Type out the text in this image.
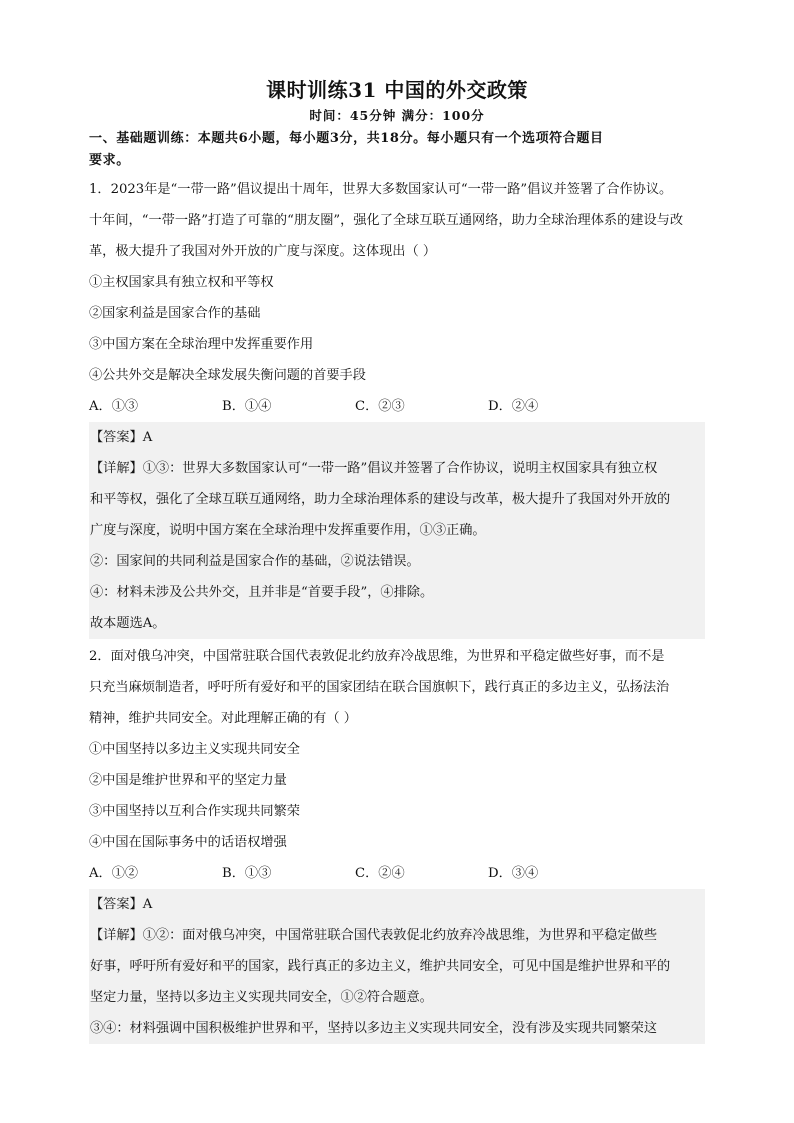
课时训练31 中国的外交政策
时间：45分钟 满分：100分
一、基础题训练：本题共6小题，每小题3分，共18分。每小题只有一个选项符合题目
要求。
1．2023年是“一带一路”倡议提出十周年，世界大多数国家认可“一带一路”倡议并签署了合作协议。
十年间，“一带一路”打造了可靠的“朋友圈”，强化了全球互联互通网络，助力全球治理体系的建设与改
革，极大提升了我国对外开放的广度与深度。这体现出（ ）
①主权国家具有独立权和平等权
②国家利益是国家合作的基础
③中国方案在全球治理中发挥重要作用
④公共外交是解决全球发展失衡问题的首要手段
A．①③	B．①④	C．②③	D．②④
【答案】A
【详解】①③：世界大多数国家认可“一带一路”倡议并签署了合作协议，说明主权国家具有独立权
和平等权，强化了全球互联互通网络，助力全球治理体系的建设与改革，极大提升了我国对外开放的
广度与深度，说明中国方案在全球治理中发挥重要作用，①③正确。
②：国家间的共同利益是国家合作的基础，②说法错误。
④：材料未涉及公共外交，且并非是“首要手段”，④排除。
故本题选A。
2．面对俄乌冲突，中国常驻联合国代表敦促北约放弃冷战思维，为世界和平稳定做些好事，而不是
只充当麻烦制造者，呼吁所有爱好和平的国家团结在联合国旗帜下，践行真正的多边主义，弘扬法治
精神，维护共同安全。对此理解正确的有（ ）
①中国坚持以多边主义实现共同安全
②中国是维护世界和平的坚定力量
③中国坚持以互利合作实现共同繁荣
④中国在国际事务中的话语权增强
A．①②	B．①③	C．②④	D．③④
【答案】A
【详解】①②：面对俄乌冲突，中国常驻联合国代表敦促北约放弃冷战思维，为世界和平稳定做些
好事，呼吁所有爱好和平的国家，践行真正的多边主义，维护共同安全，可见中国是维护世界和平的
坚定力量，坚持以多边主义实现共同安全，①②符合题意。
③④：材料强调中国积极维护世界和平，坚持以多边主义实现共同安全，没有涉及实现共同繁荣这
